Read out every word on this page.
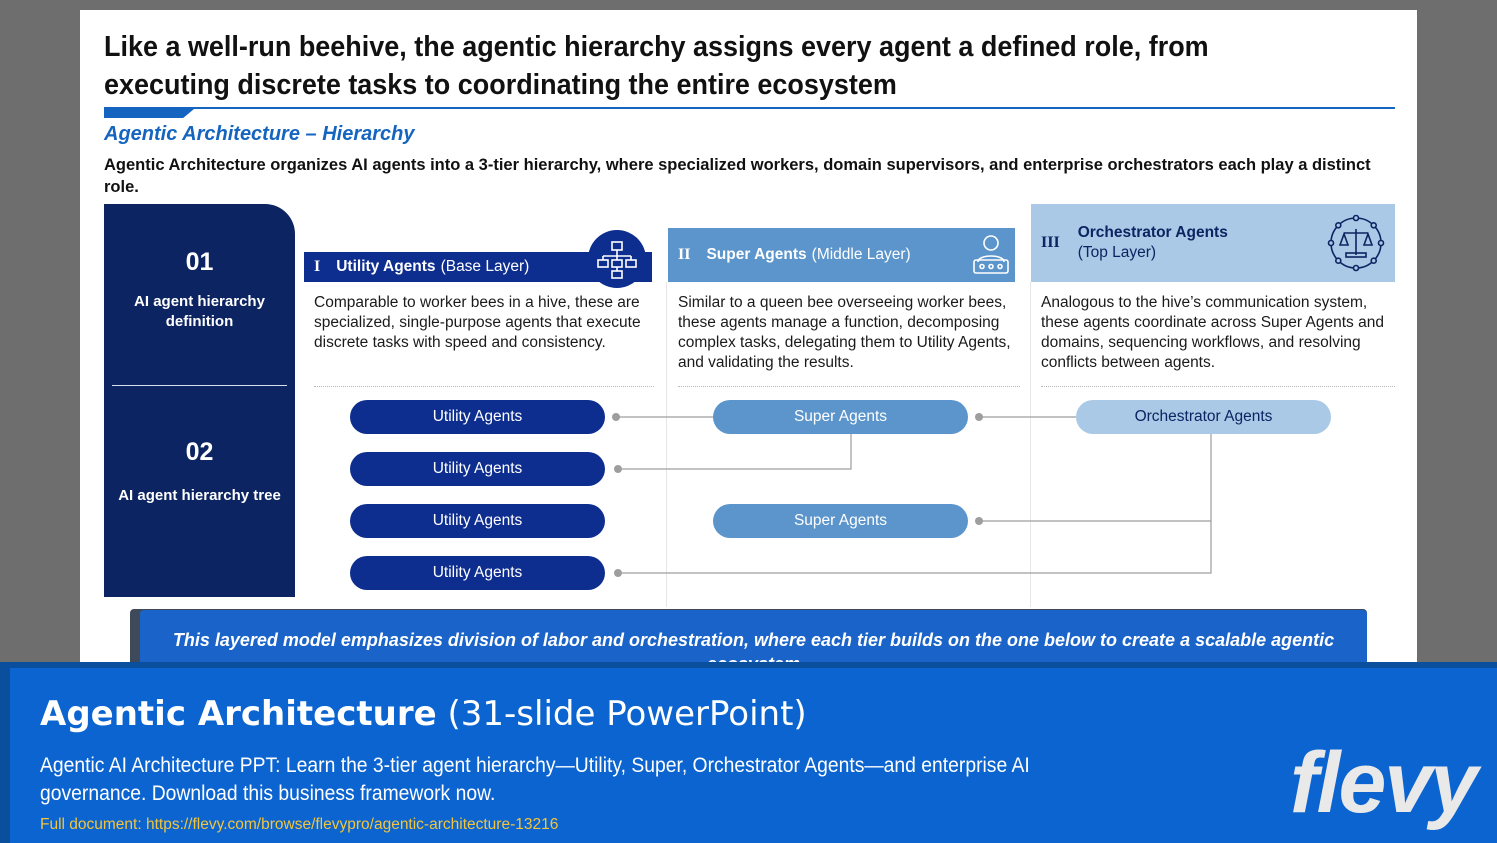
Like a well-run beehive, the agentic hierarchy assigns every agent a defined role, from executing discrete tasks to coordinating the entire ecosystem
Agentic Architecture – Hierarchy
Agentic Architecture organizes AI agents into a 3-tier hierarchy, where specialized workers, domain supervisors, and enterprise orchestrators each play a distinct role.
01
AI agent hierarchy definition
02
AI agent hierarchy tree
I Utility Agents (Base Layer)
II Super Agents (Middle Layer)
III
Orchestrator Agents
(Top Layer)
Comparable to worker bees in a hive, these are specialized, single-purpose agents that execute discrete tasks with speed and consistency.
Similar to a queen bee overseeing worker bees, these agents manage a function, decomposing complex tasks, delegating them to Utility Agents, and validating the results.
Analogous to the hive’s communication system, these agents coordinate across Super Agents and domains, sequencing workflows, and resolving conflicts between agents.
Utility Agents
Utility Agents
Utility Agents
Utility Agents
Super Agents
Super Agents
Orchestrator Agents
This layered model emphasizes division of labor and orchestration, where each tier builds on the one below to create a scalable agentic
Agentic Architecture (31-slide PowerPoint)
Agentic AI Architecture PPT: Learn the 3-tier agent hierarchy—Utility, Super, Orchestrator Agents—and enterprise AI governance. Download this business framework now.
Full document: https://flevy.com/browse/flevypro/agentic-architecture-13216	flevy
